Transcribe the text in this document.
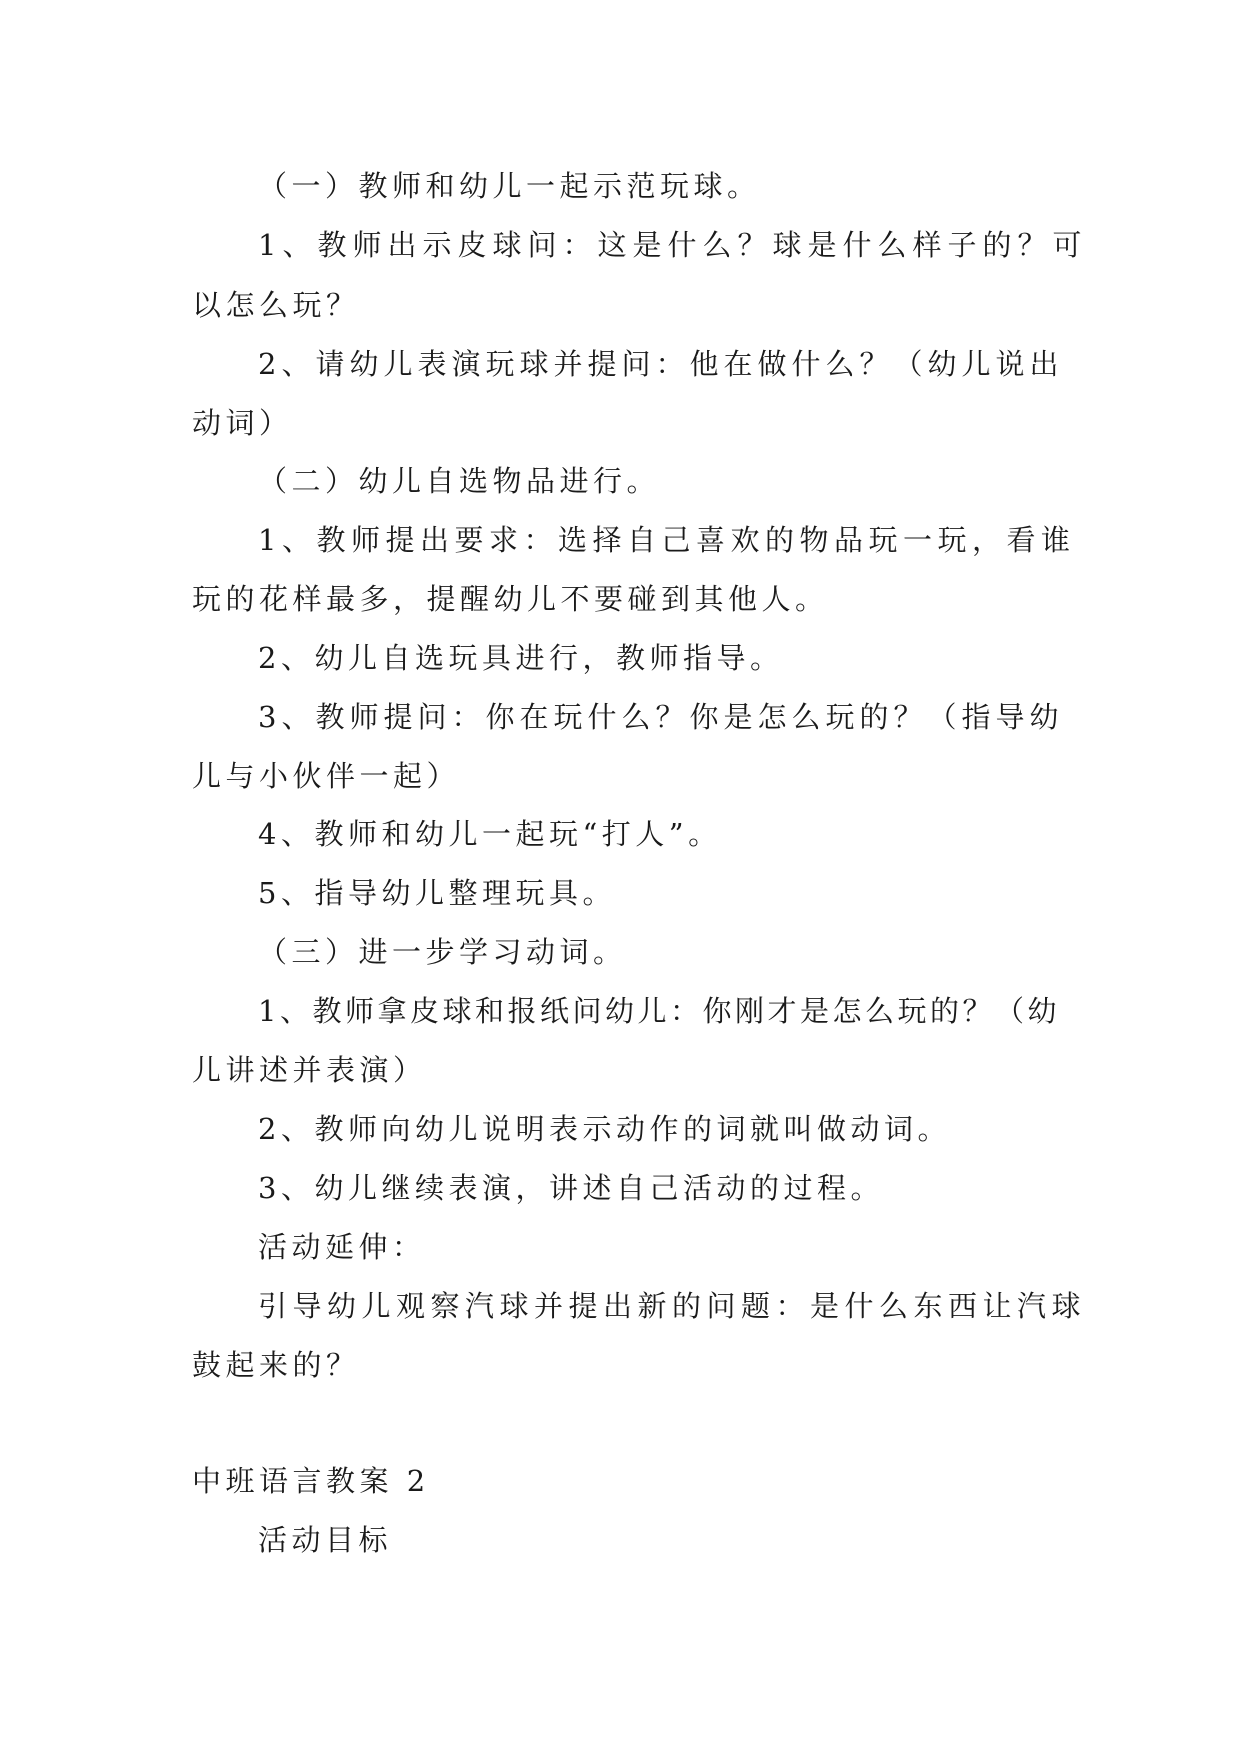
（一）教师和幼儿一起示范玩球。
1、教师出示皮球问：这是什么？球是什么样子的？可
以怎么玩？
2、请幼儿表演玩球并提问：他在做什么？（幼儿说出
动词）
（二）幼儿自选物品进行。
1、教师提出要求：选择自己喜欢的物品玩一玩，看谁
玩的花样最多，提醒幼儿不要碰到其他人。
2、幼儿自选玩具进行，教师指导。
3、教师提问：你在玩什么？你是怎么玩的？（指导幼
儿与小伙伴一起）
4、教师和幼儿一起玩“打人”。
5、指导幼儿整理玩具。
（三）进一步学习动词。
1、教师拿皮球和报纸问幼儿：你刚才是怎么玩的？（幼
儿讲述并表演）
2、教师向幼儿说明表示动作的词就叫做动词。
3、幼儿继续表演，讲述自己活动的过程。
活动延伸：
引导幼儿观察汽球并提出新的问题：是什么东西让汽球
鼓起来的？
中班语言教案 2
活动目标
